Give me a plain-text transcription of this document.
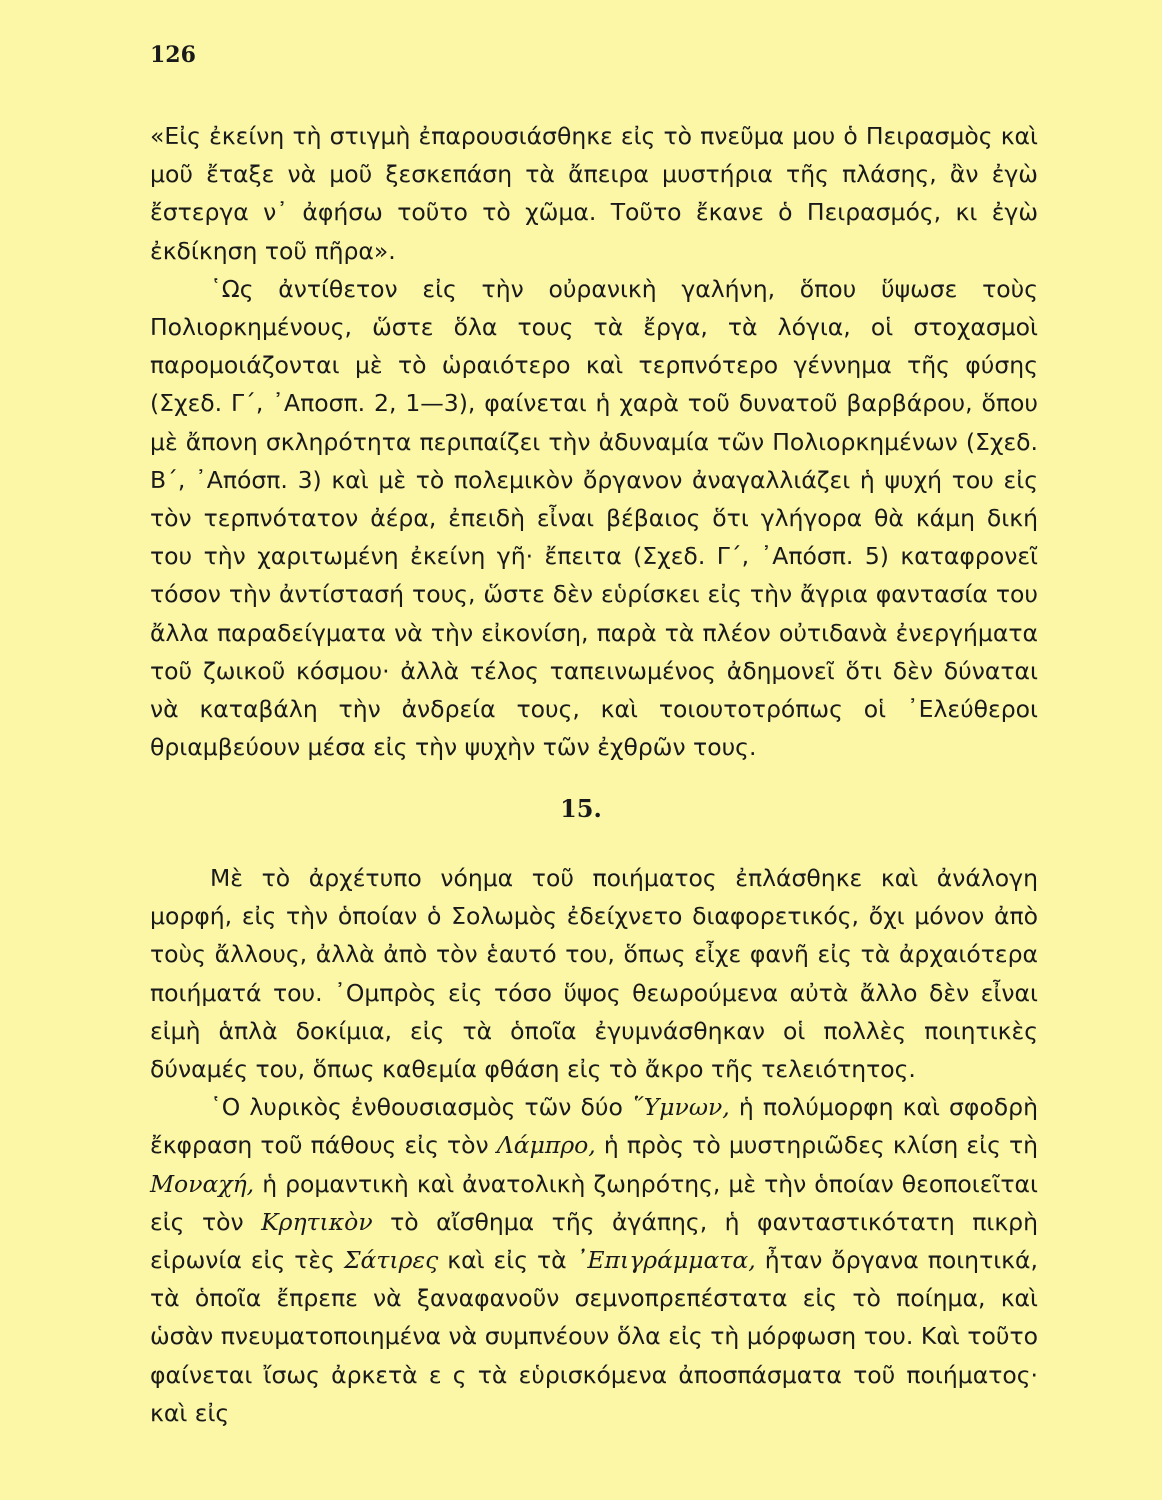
126

«Εἰς ἐκείνη τὴ στιγμὴ ἐπαρουσιάσθηκε εἰς τὸ πνεῦμα μου ὁ Πειρασμὸς καὶ μοῦ ἔταξε νὰ μοῦ ξεσκεπάση τὰ ἄπειρα μυστήρια τῆς πλάσης, ἂν ἐγὼ ἔστεργα ν᾽ ἀφήσω τοῦτο τὸ χῶμα. Τοῦτο ἔκανε ὁ Πειρασμός, κι ἐγὼ ἐκδίκηση τοῦ πῆρα».

῾Ως ἀντίθετον εἰς τὴν οὐρανικὴ γαλήνη, ὅπου ὕψωσε τοὺς Πολιορκημένους, ὥστε ὅλα τους τὰ ἔργα, τὰ λόγια, οἱ στοχασμοὶ παρομοιάζονται μὲ τὸ ὡραιότερο καὶ τερπνότερο γέννημα τῆς φύσης (Σχεδ. Γ΄, ᾽Αποσπ. 2, 1—3), φαίνεται ἡ χαρὰ τοῦ δυνατοῦ βαρβάρου, ὅπου μὲ ἄπονη σκληρότητα περιπαίζει τὴν ἀδυναμία τῶν Πολιορκημένων (Σχεδ. Β΄, ᾽Απόσπ. 3) καὶ μὲ τὸ πολεμικὸν ὄργανον ἀναγαλλιάζει ἡ ψυχή του εἰς τὸν τερπνότατον ἀέρα, ἐπειδὴ εἶναι βέβαιος ὅτι γλήγορα θὰ κάμη δική του τὴν χαριτωμένη ἐκείνη γῆ· ἔπειτα (Σχεδ. Γ΄, ᾽Απόσπ. 5) καταφρονεῖ τόσον τὴν ἀντίστασή τους, ὥστε δὲν εὑρίσκει εἰς τὴν ἄγρια φαντασία του ἄλλα παραδείγματα νὰ τὴν εἰκονίση, παρὰ τὰ πλέον οὐτιδανὰ ἐνεργήματα τοῦ ζωικοῦ κόσμου· ἀλλὰ τέλος ταπεινωμένος ἀδημονεῖ ὅτι δὲν δύναται νὰ καταβάλη τὴν ἀνδρεία τους, καὶ τοιουτοτρόπως οἱ ᾽Ελεύθεροι θριαμβεύουν μέσα εἰς τὴν ψυχὴν τῶν ἐχθρῶν τους.

15.

Μὲ τὸ ἀρχέτυπο νόημα τοῦ ποιήματος ἐπλάσθηκε καὶ ἀνάλογη μορφή, εἰς τὴν ὁποίαν ὁ Σολωμὸς ἐδείχνετο διαφορετικός, ὄχι μόνον ἀπὸ τοὺς ἄλλους, ἀλλὰ ἀπὸ τὸν ἑαυτό του, ὅπως εἶχε φανῆ εἰς τὰ ἀρχαιότερα ποιήματά του. ᾽Ομπρὸς εἰς τόσο ὕψος θεωρούμενα αὐτὰ ἄλλο δὲν εἶναι εἰμὴ ἁπλὰ δοκίμια, εἰς τὰ ὁποῖα ἐγυμνάσθηκαν οἱ πολλὲς ποιητικὲς δύναμές του, ὅπως καθεμία φθάση εἰς τὸ ἄκρο τῆς τελειότητος.

῾Ο λυρικὸς ἐνθουσιασμὸς τῶν δύο ῞Υμνων, ἡ πολύμορφη καὶ σφοδρὴ ἔκφραση τοῦ πάθους εἰς τὸν Λάμπρο, ἡ πρὸς τὸ μυστηριῶδες κλίση εἰς τὴ Μοναχή, ἡ ρομαντικὴ καὶ ἀνατολικὴ ζωηρότης, μὲ τὴν ὁποίαν θεοποιεῖται εἰς τὸν Κρητικὸν τὸ αἴσθημα τῆς ἀγάπης, ἡ φανταστικότατη πικρὴ εἰρωνία εἰς τὲς Σάτιρες καὶ εἰς τὰ ᾽Επιγράμματα, ἦταν ὄργανα ποιητικά, τὰ ὁποῖα ἔπρεπε νὰ ξαναφανοῦν σεμνοπρεπέστατα εἰς τὸ ποίημα, καὶ ὡσὰν πνευματοποιημένα νὰ συμπνέουν ὅλα εἰς τὴ μόρφωση του. Καὶ τοῦτο φαίνεται ἴσως ἀρκετὰ ε ς τὰ εὑρισκόμενα ἀποσπάσματα τοῦ ποιήματος· καὶ εἰς
